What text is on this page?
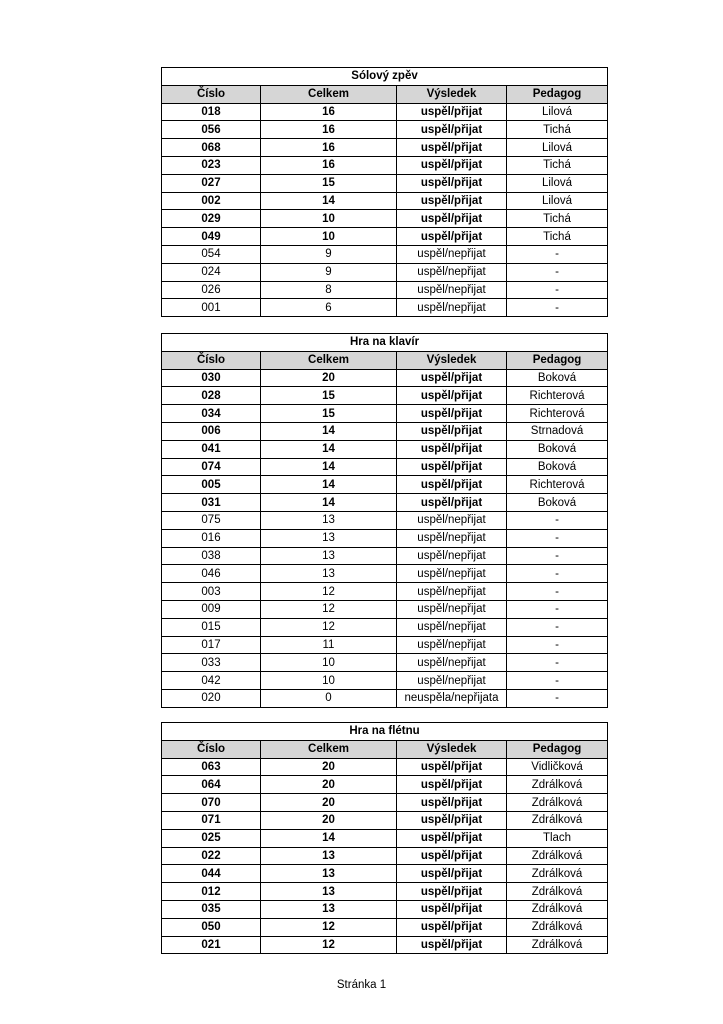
Sólový zpěv			
Číslo	Celkem	Výsledek	Pedagog
018	16	uspěl/přijat	Lilová
056	16	uspěl/přijat	Tichá
068	16	uspěl/přijat	Lilová
023	16	uspěl/přijat	Tichá
027	15	uspěl/přijat	Lilová
002	14	uspěl/přijat	Lilová
029	10	uspěl/přijat	Tichá
049	10	uspěl/přijat	Tichá
054	9	uspěl/nepřijat	-
024	9	uspěl/nepřijat	-
026	8	uspěl/nepřijat	-
001	6	uspěl/nepřijat	-
Hra na klavír			
Číslo	Celkem	Výsledek	Pedagog
030	20	uspěl/přijat	Boková
028	15	uspěl/přijat	Richterová
034	15	uspěl/přijat	Richterová
006	14	uspěl/přijat	Strnadová
041	14	uspěl/přijat	Boková
074	14	uspěl/přijat	Boková
005	14	uspěl/přijat	Richterová
031	14	uspěl/přijat	Boková
075	13	uspěl/nepřijat	-
016	13	uspěl/nepřijat	-
038	13	uspěl/nepřijat	-
046	13	uspěl/nepřijat	-
003	12	uspěl/nepřijat	-
009	12	uspěl/nepřijat	-
015	12	uspěl/nepřijat	-
017	11	uspěl/nepřijat	-
033	10	uspěl/nepřijat	-
042	10	uspěl/nepřijat	-
020	0	neuspěla/nepřijata	-
Hra na flétnu			
Číslo	Celkem	Výsledek	Pedagog
063	20	uspěl/přijat	Vidličková
064	20	uspěl/přijat	Zdrálková
070	20	uspěl/přijat	Zdrálková
071	20	uspěl/přijat	Zdrálková
025	14	uspěl/přijat	Tlach
022	13	uspěl/přijat	Zdrálková
044	13	uspěl/přijat	Zdrálková
012	13	uspěl/přijat	Zdrálková
035	13	uspěl/přijat	Zdrálková
050	12	uspěl/přijat	Zdrálková
021	12	uspěl/přijat	Zdrálková
Stránka 1
